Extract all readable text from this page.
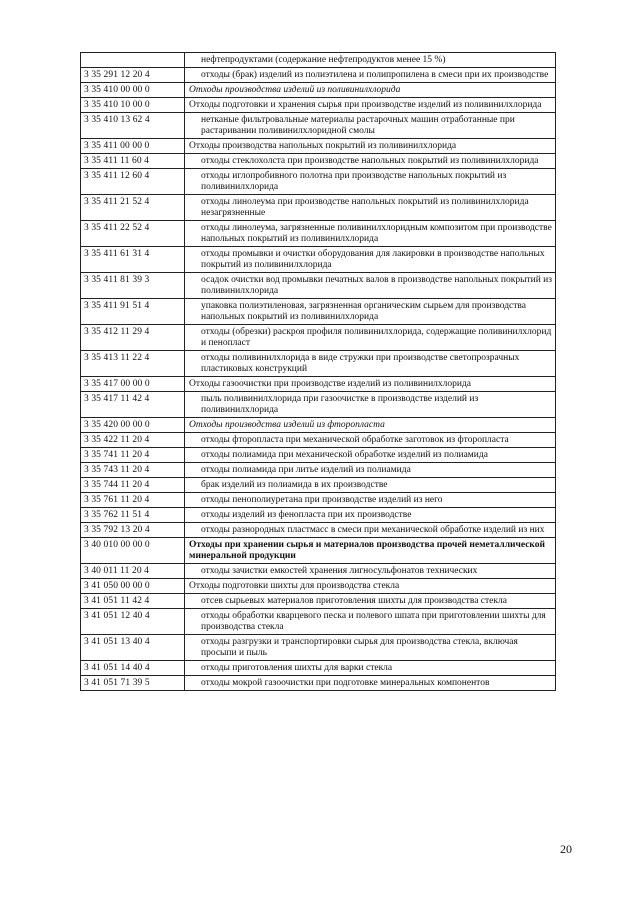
	нефтепродуктами (содержание нефтепродуктов менее 15 %)
3 35 291 12 20 4	отходы (брак) изделий из полиэтилена и полипропилена в смеси при их производстве
3 35 410 00 00 0	Отходы производства изделий из поливинилхлорида
3 35 410 10 00 0	Отходы подготовки и хранения сырья при производстве изделий из поливинилхлорида
3 35 410 13 62 4	нетканые фильтровальные материалы растарочных машин отработанные при растаривании поливинилхлоридной смолы
3 35 411 00 00 0	Отходы производства напольных покрытий из поливинилхлорида
3 35 411 11 60 4	отходы стеклохолста при производстве напольных покрытий из поливинилхлорида
3 35 411 12 60 4	отходы иглопробивного полотна при производстве напольных покрытий из поливинилхлорида
3 35 411 21 52 4	отходы линолеума при производстве напольных покрытий из поливинилхлорида незагрязненные
3 35 411 22 52 4	отходы линолеума, загрязненные поливинилхлоридным композитом при производстве напольных покрытий из поливинилхлорида
3 35 411 61 31 4	отходы промывки и очистки оборудования для лакировки в производстве напольных покрытий из поливинилхлорида
3 35 411 81 39 3	осадок очистки вод промывки печатных валов в производстве напольных покрытий из поливинилхлорида
3 35 411 91 51 4	упаковка полиэтиленовая, загрязненная органическим сырьем для производства напольных покрытий из поливинилхлорида
3 35 412 11 29 4	отходы (обрезки) раскроя профиля поливинилхлорида, содержащие поливинилхлорид и пенопласт
3 35 413 11 22 4	отходы поливинилхлорида в виде стружки при производстве светопрозрачных пластиковых конструкций
3 35 417 00 00 0	Отходы газоочистки при производстве изделий из поливинилхлорида
3 35 417 11 42 4	пыль поливинилхлорида при газоочистке в производстве изделий из поливинилхлорида
3 35 420 00 00 0	Отходы производства изделий из фторопласта
3 35 422 11 20 4	отходы фторопласта при механической обработке заготовок из фторопласта
3 35 741 11 20 4	отходы полиамида при механической обработке изделий из полиамида
3 35 743 11 20 4	отходы полиамида при литье изделий из полиамида
3 35 744 11 20 4	брак изделий из полиамида в их производстве
3 35 761 11 20 4	отходы пенополиуретана при производстве изделий из него
3 35 762 11 51 4	отходы изделий из фенопласта при их производстве
3 35 792 13 20 4	отходы разнородных пластмасс в смеси при механической обработке изделий из них
3 40 010 00 00 0	Отходы при хранении сырья и материалов производства прочей неметаллической минеральной продукции
3 40 011 11 20 4	отходы зачистки емкостей хранения лигносульфонатов технических
3 41 050 00 00 0	Отходы подготовки шихты для производства стекла
3 41 051 11 42 4	отсев сырьевых материалов приготовления шихты для производства стекла
3 41 051 12 40 4	отходы обработки кварцевого песка и полевого шпата при приготовлении шихты для производства стекла
3 41 051 13 40 4	отходы разгрузки и транспортировки сырья для производства стекла, включая просыпи и пыль
3 41 051 14 40 4	отходы приготовления шихты для варки стекла
3 41 051 71 39 5	отходы мокрой газоочистки при подготовке минеральных компонентов
20
